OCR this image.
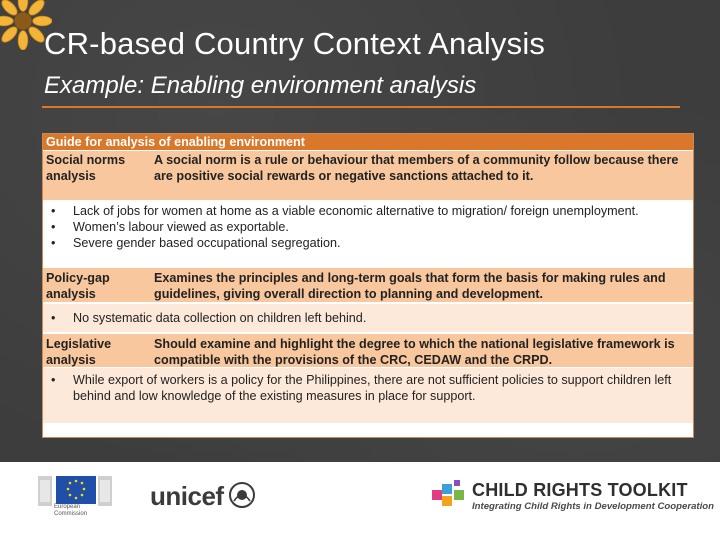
CR-based Country Context Analysis
Example: Enabling environment analysis
Guide for analysis of enabling environment
Social norms analysis
A social norm is a rule or behaviour that members of a community follow because there are positive social rewards or negative sanctions attached to it.
• Lack of jobs for women at home as a viable economic alternative to migration/ foreign unemployment.
• Women’s labour viewed as exportable.
• Severe gender based occupational segregation.
Policy-gap analysis
Examines the principles and long-term goals that form the basis for making rules and guidelines, giving overall direction to planning and development.
• No systematic data collection on children left behind.
Legislative analysis
Should examine and highlight the degree to which the national legislative framework is compatible with the provisions of the CRC, CEDAW and the CRPD.
• While export of workers is a policy for the Philippines, there are not sufficient policies to support children left behind and low knowledge of the existing measures in place for support.
European Commission
unicef	CHILD RIGHTS TOOLKIT
Integrating Child Rights in Development Cooperation
